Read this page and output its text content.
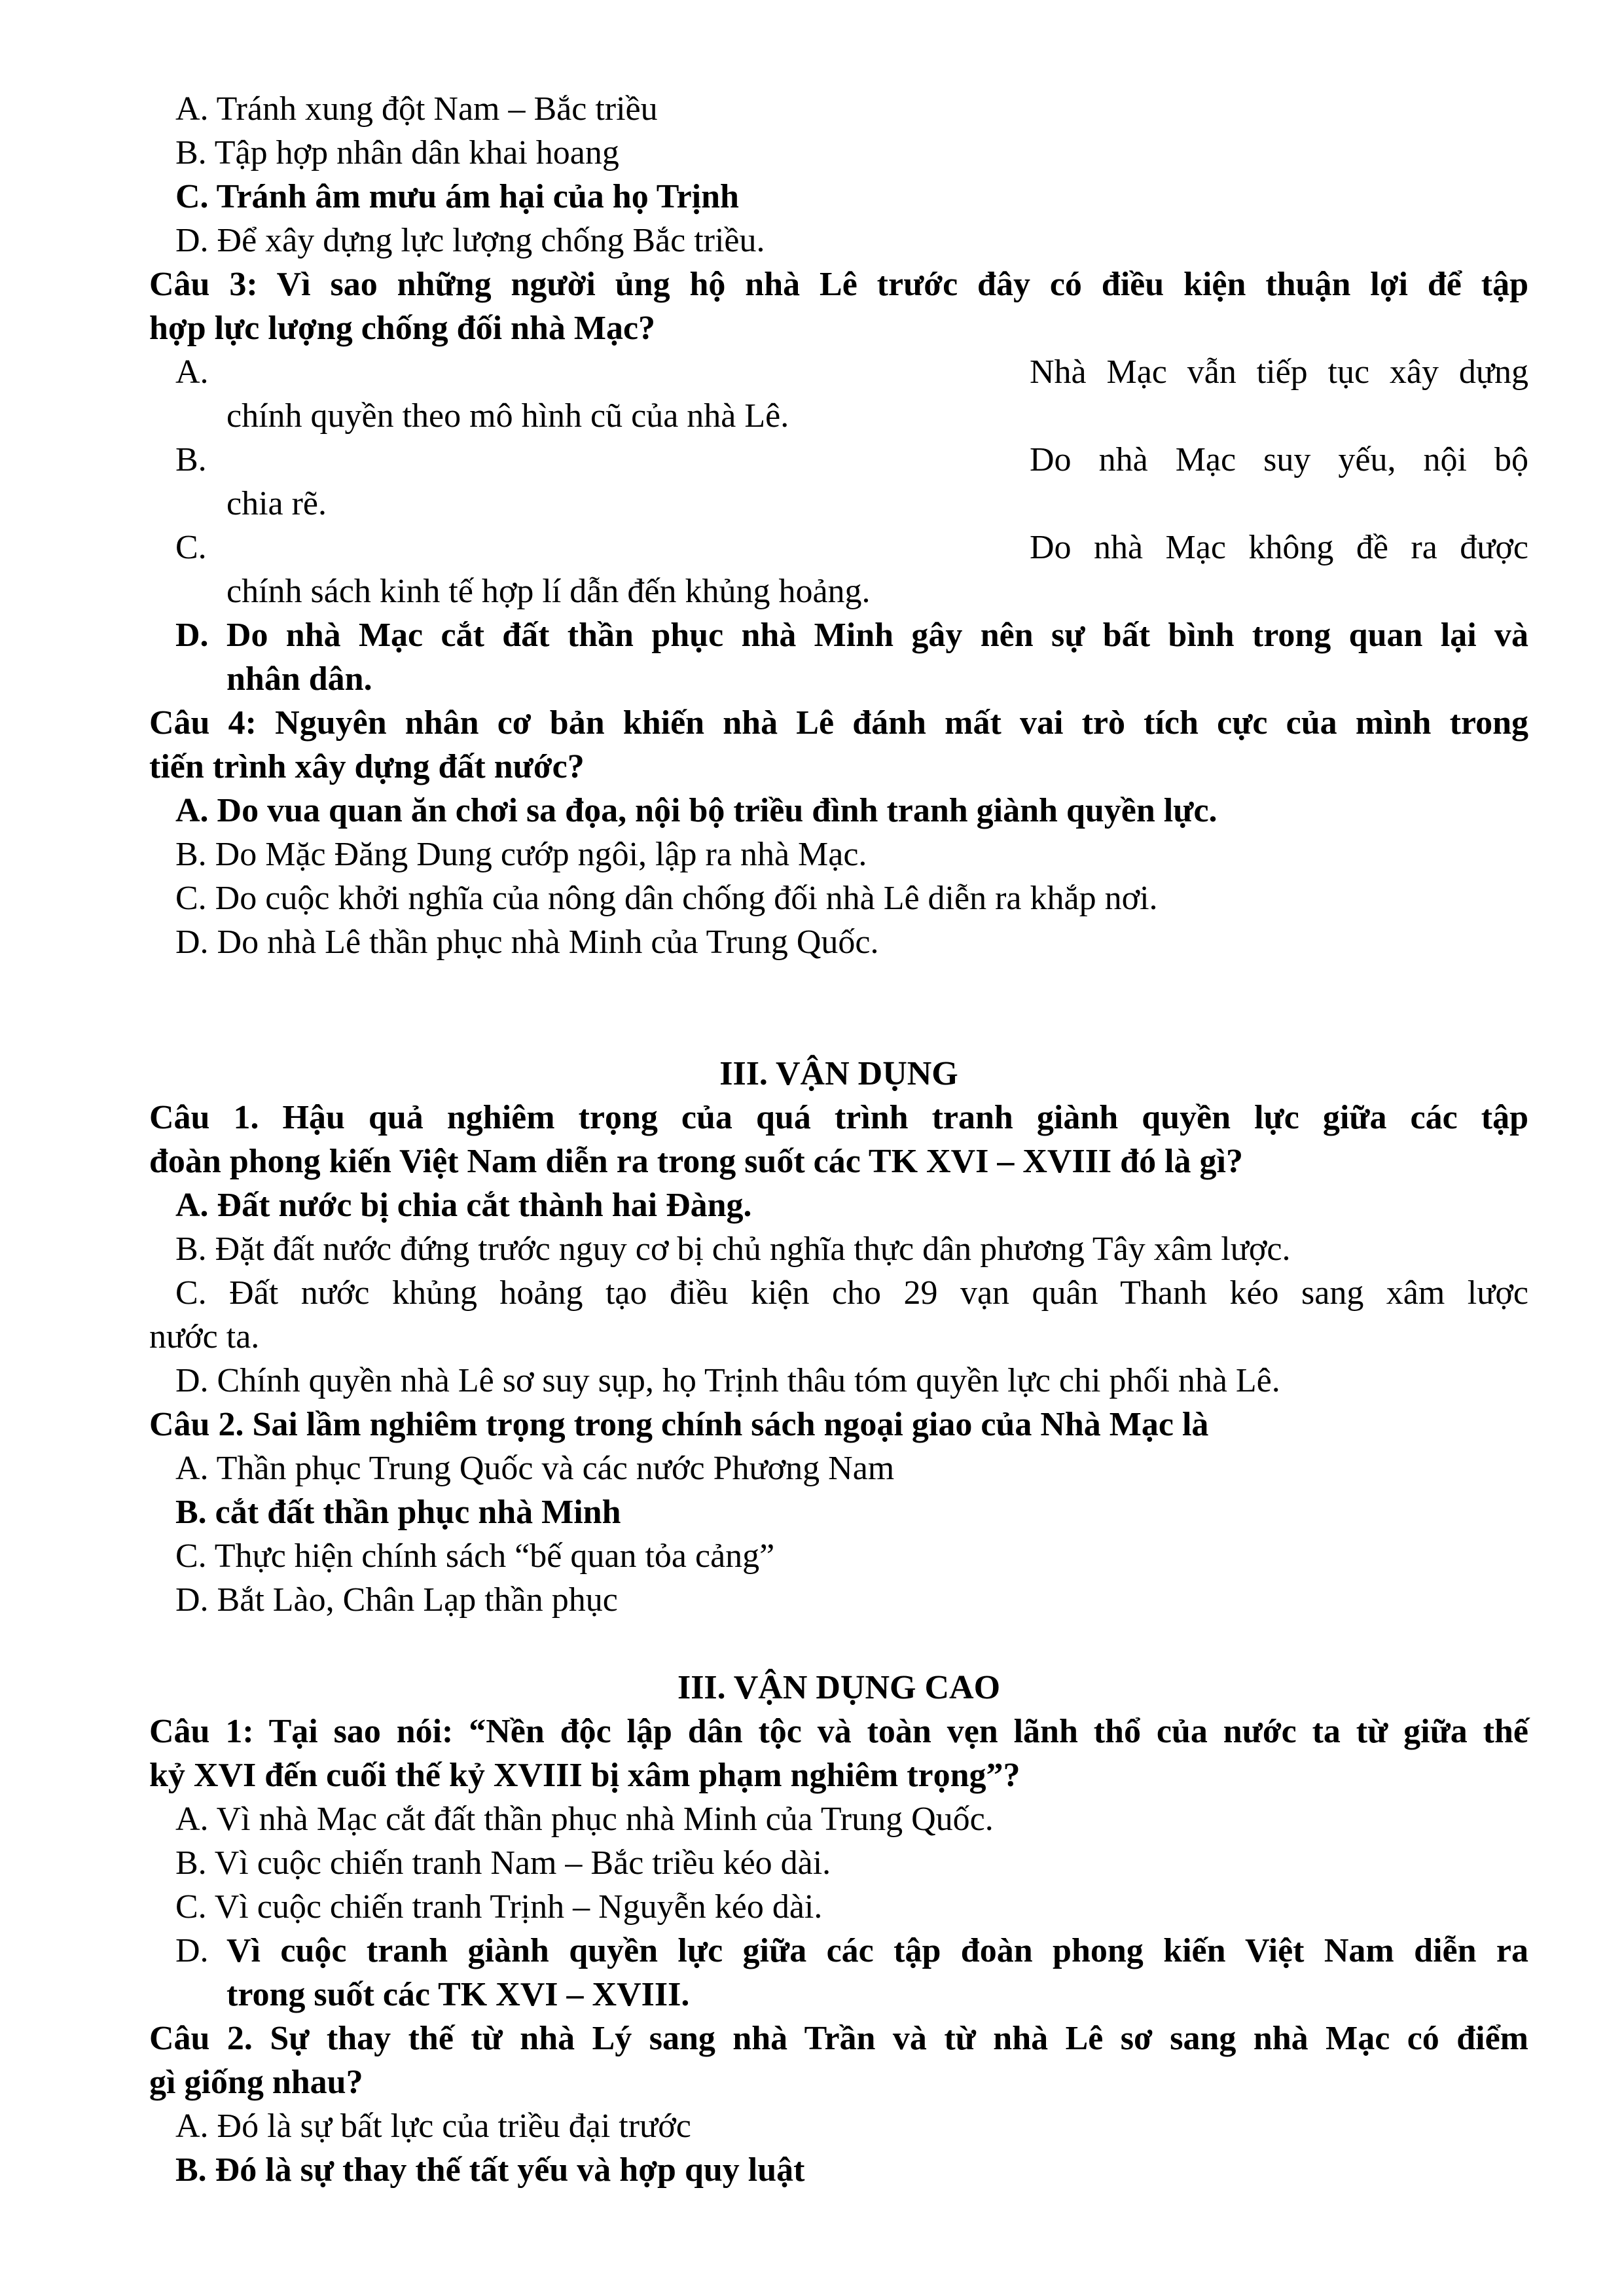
A. Tránh xung đột Nam – Bắc triều
B. Tập hợp nhân dân khai hoang
C. Tránh âm mưu ám hại của họ Trịnh
D. Để xây dựng lực lượng chống Bắc triều.
Câu 3: Vì sao những người ủng hộ nhà Lê trước đây có điều kiện thuận lợi để tập
hợp lực lượng chống đối nhà Mạc?
A.	Nhà Mạc vẫn tiếp tục xây dựng
chính quyền theo mô hình cũ của nhà Lê.
B.	Do nhà Mạc suy yếu, nội bộ
chia rẽ.
C.	Do nhà Mạc không đề ra được
chính sách kinh tế hợp lí dẫn đến khủng hoảng.
D. Do nhà Mạc cắt đất thần phục nhà Minh gây nên sự bất bình trong quan lại và
nhân dân.
Câu 4: Nguyên nhân cơ bản khiến nhà Lê đánh mất vai trò tích cực của mình trong
tiến trình xây dựng đất nước?
A. Do vua quan ăn chơi sa đọa, nội bộ triều đình tranh giành quyền lực.
B. Do Mặc Đăng Dung cướp ngôi, lập ra nhà Mạc.
C. Do cuộc khởi nghĩa của nông dân chống đối nhà Lê diễn ra khắp nơi.
D. Do nhà Lê thần phục nhà Minh của Trung Quốc.
III. VẬN DỤNG
Câu 1. Hậu quả nghiêm trọng của quá trình tranh giành quyền lực giữa các tập
đoàn phong kiến Việt Nam diễn ra trong suốt các TK XVI – XVIII đó là gì?
A. Đất nước bị chia cắt thành hai Đàng.
B. Đặt đất nước đứng trước nguy cơ bị chủ nghĩa thực dân phương Tây xâm lược.
C. Đất nước khủng hoảng tạo điều kiện cho 29 vạn quân Thanh kéo sang xâm lược
nước ta.
D. Chính quyền nhà Lê sơ suy sụp, họ Trịnh thâu tóm quyền lực chi phối nhà Lê.
Câu 2. Sai lầm nghiêm trọng trong chính sách ngoại giao của Nhà Mạc là
A. Thần phục Trung Quốc và các nước Phương Nam
B. cắt đất thần phục nhà Minh
C. Thực hiện chính sách “bế quan tỏa cảng”
D. Bắt Lào, Chân Lạp thần phục
III. VẬN DỤNG CAO
Câu 1: Tại sao nói: “Nền độc lập dân tộc và toàn vẹn lãnh thổ của nước ta từ giữa thế
kỷ XVI đến cuối thế kỷ XVIII bị xâm phạm nghiêm trọng”?
A. Vì nhà Mạc cắt đất thần phục nhà Minh của Trung Quốc.
B. Vì cuộc chiến tranh Nam – Bắc triều kéo dài.
C. Vì cuộc chiến tranh Trịnh – Nguyễn kéo dài.
D. Vì cuộc tranh giành quyền lực giữa các tập đoàn phong kiến Việt Nam diễn ra
trong suốt các TK XVI – XVIII.
Câu 2. Sự thay thế từ nhà Lý sang nhà Trần và từ nhà Lê sơ sang nhà Mạc có điểm
gì giống nhau?
A. Đó là sự bất lực của triều đại trước
B. Đó là sự thay thế tất yếu và hợp quy luật
